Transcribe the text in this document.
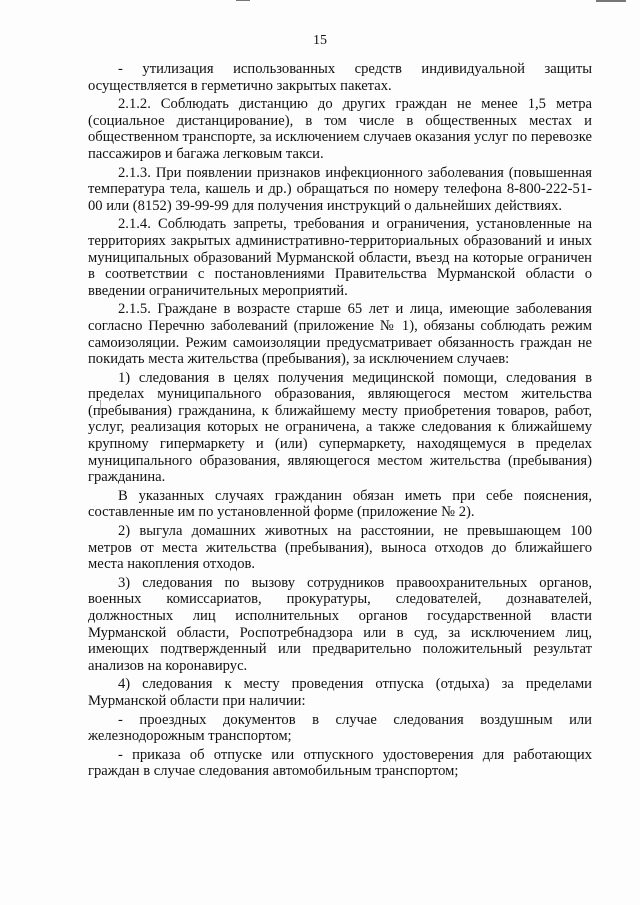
15

- утилизация использованных средств индивидуальной защиты осуществляется в герметично закрытых пакетах.

2.1.2. Соблюдать дистанцию до других граждан не менее 1,5 метра (социальное дистанцирование), в том числе в общественных местах и общественном транспорте, за исключением случаев оказания услуг по перевозке пассажиров и багажа легковым такси.

2.1.3. При появлении признаков инфекционного заболевания (повышенная температура тела, кашель и др.) обращаться по номеру телефона 8-800-222-51-00 или (8152) 39-99-99 для получения инструкций о дальнейших действиях.

2.1.4. Соблюдать запреты, требования и ограничения, установленные на территориях закрытых административно-территориальных образований и иных муниципальных образований Мурманской области, въезд на которые ограничен в соответствии с постановлениями Правительства Мурманской области о введении ограничительных мероприятий.

2.1.5. Граждане в возрасте старше 65 лет и лица, имеющие заболевания согласно Перечню заболеваний (приложение № 1), обязаны соблюдать режим самоизоляции. Режим самоизоляции предусматривает обязанность граждан не покидать места жительства (пребывания), за исключением случаев:

1) следования в целях получения медицинской помощи, следования в пределах муниципального образования, являющегося местом жительства (пребывания) гражданина, к ближайшему месту приобретения товаров, работ, услуг, реализация которых не ограничена, а также следования к ближайшему крупному гипермаркету и (или) супермаркету, находящемуся в пределах муниципального образования, являющегося местом жительства (пребывания) гражданина.

В указанных случаях гражданин обязан иметь при себе пояснения, составленные им по установленной форме (приложение № 2).

2) выгула домашних животных на расстоянии, не превышающем 100 метров от места жительства (пребывания), выноса отходов до ближайшего места накопления отходов.

3) следования по вызову сотрудников правоохранительных органов, военных комиссариатов, прокуратуры, следователей, дознавателей, должностных лиц исполнительных органов государственной власти Мурманской области, Роспотребнадзора или в суд, за исключением лиц, имеющих подтвержденный или предварительно положительный результат анализов на коронавирус.

4) следования к месту проведения отпуска (отдыха) за пределами Мурманской области при наличии:

- проездных документов в случае следования воздушным или железнодорожным транспортом;

- приказа об отпуске или отпускного удостоверения для работающих граждан в случае следования автомобильным транспортом;
